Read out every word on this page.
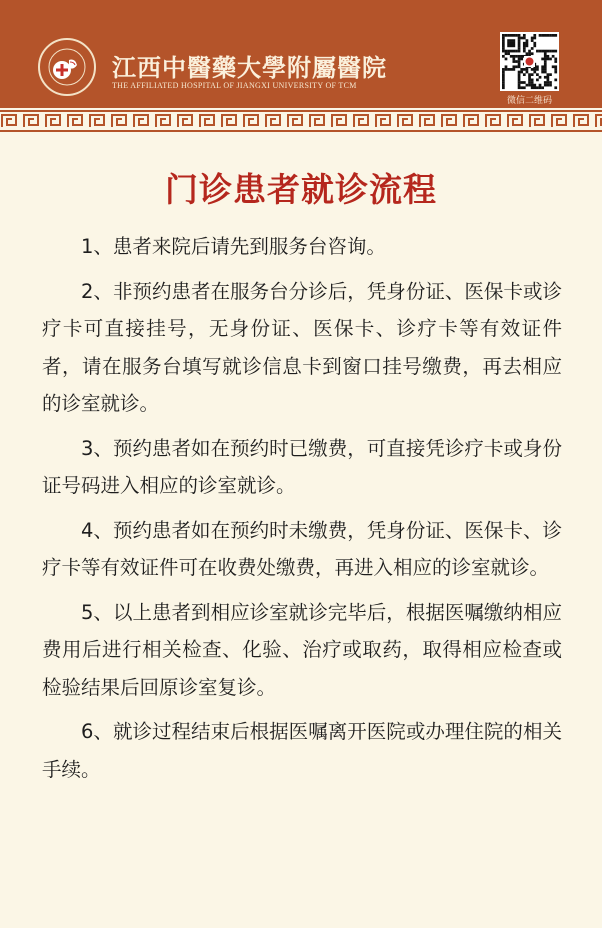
江西中醫藥大學附屬醫院
THE AFFILIATED HOSPITAL OF JIANGXI UNIVERSITY OF TCM
微信二维码
门诊患者就诊流程

1、患者来院后请先到服务台咨询。

2、非预约患者在服务台分诊后，凭身份证、医保卡或诊疗卡可直接挂号，无身份证、医保卡、诊疗卡等有效证件者，请在服务台填写就诊信息卡到窗口挂号缴费，再去相应的诊室就诊。

3、预约患者如在预约时已缴费，可直接凭诊疗卡或身份证号码进入相应的诊室就诊。

4、预约患者如在预约时未缴费，凭身份证、医保卡、诊疗卡等有效证件可在收费处缴费，再进入相应的诊室就诊。

5、以上患者到相应诊室就诊完毕后，根据医嘱缴纳相应费用后进行相关检查、化验、治疗或取药，取得相应检查或检验结果后回原诊室复诊。

6、就诊过程结束后根据医嘱离开医院或办理住院的相关手续。
